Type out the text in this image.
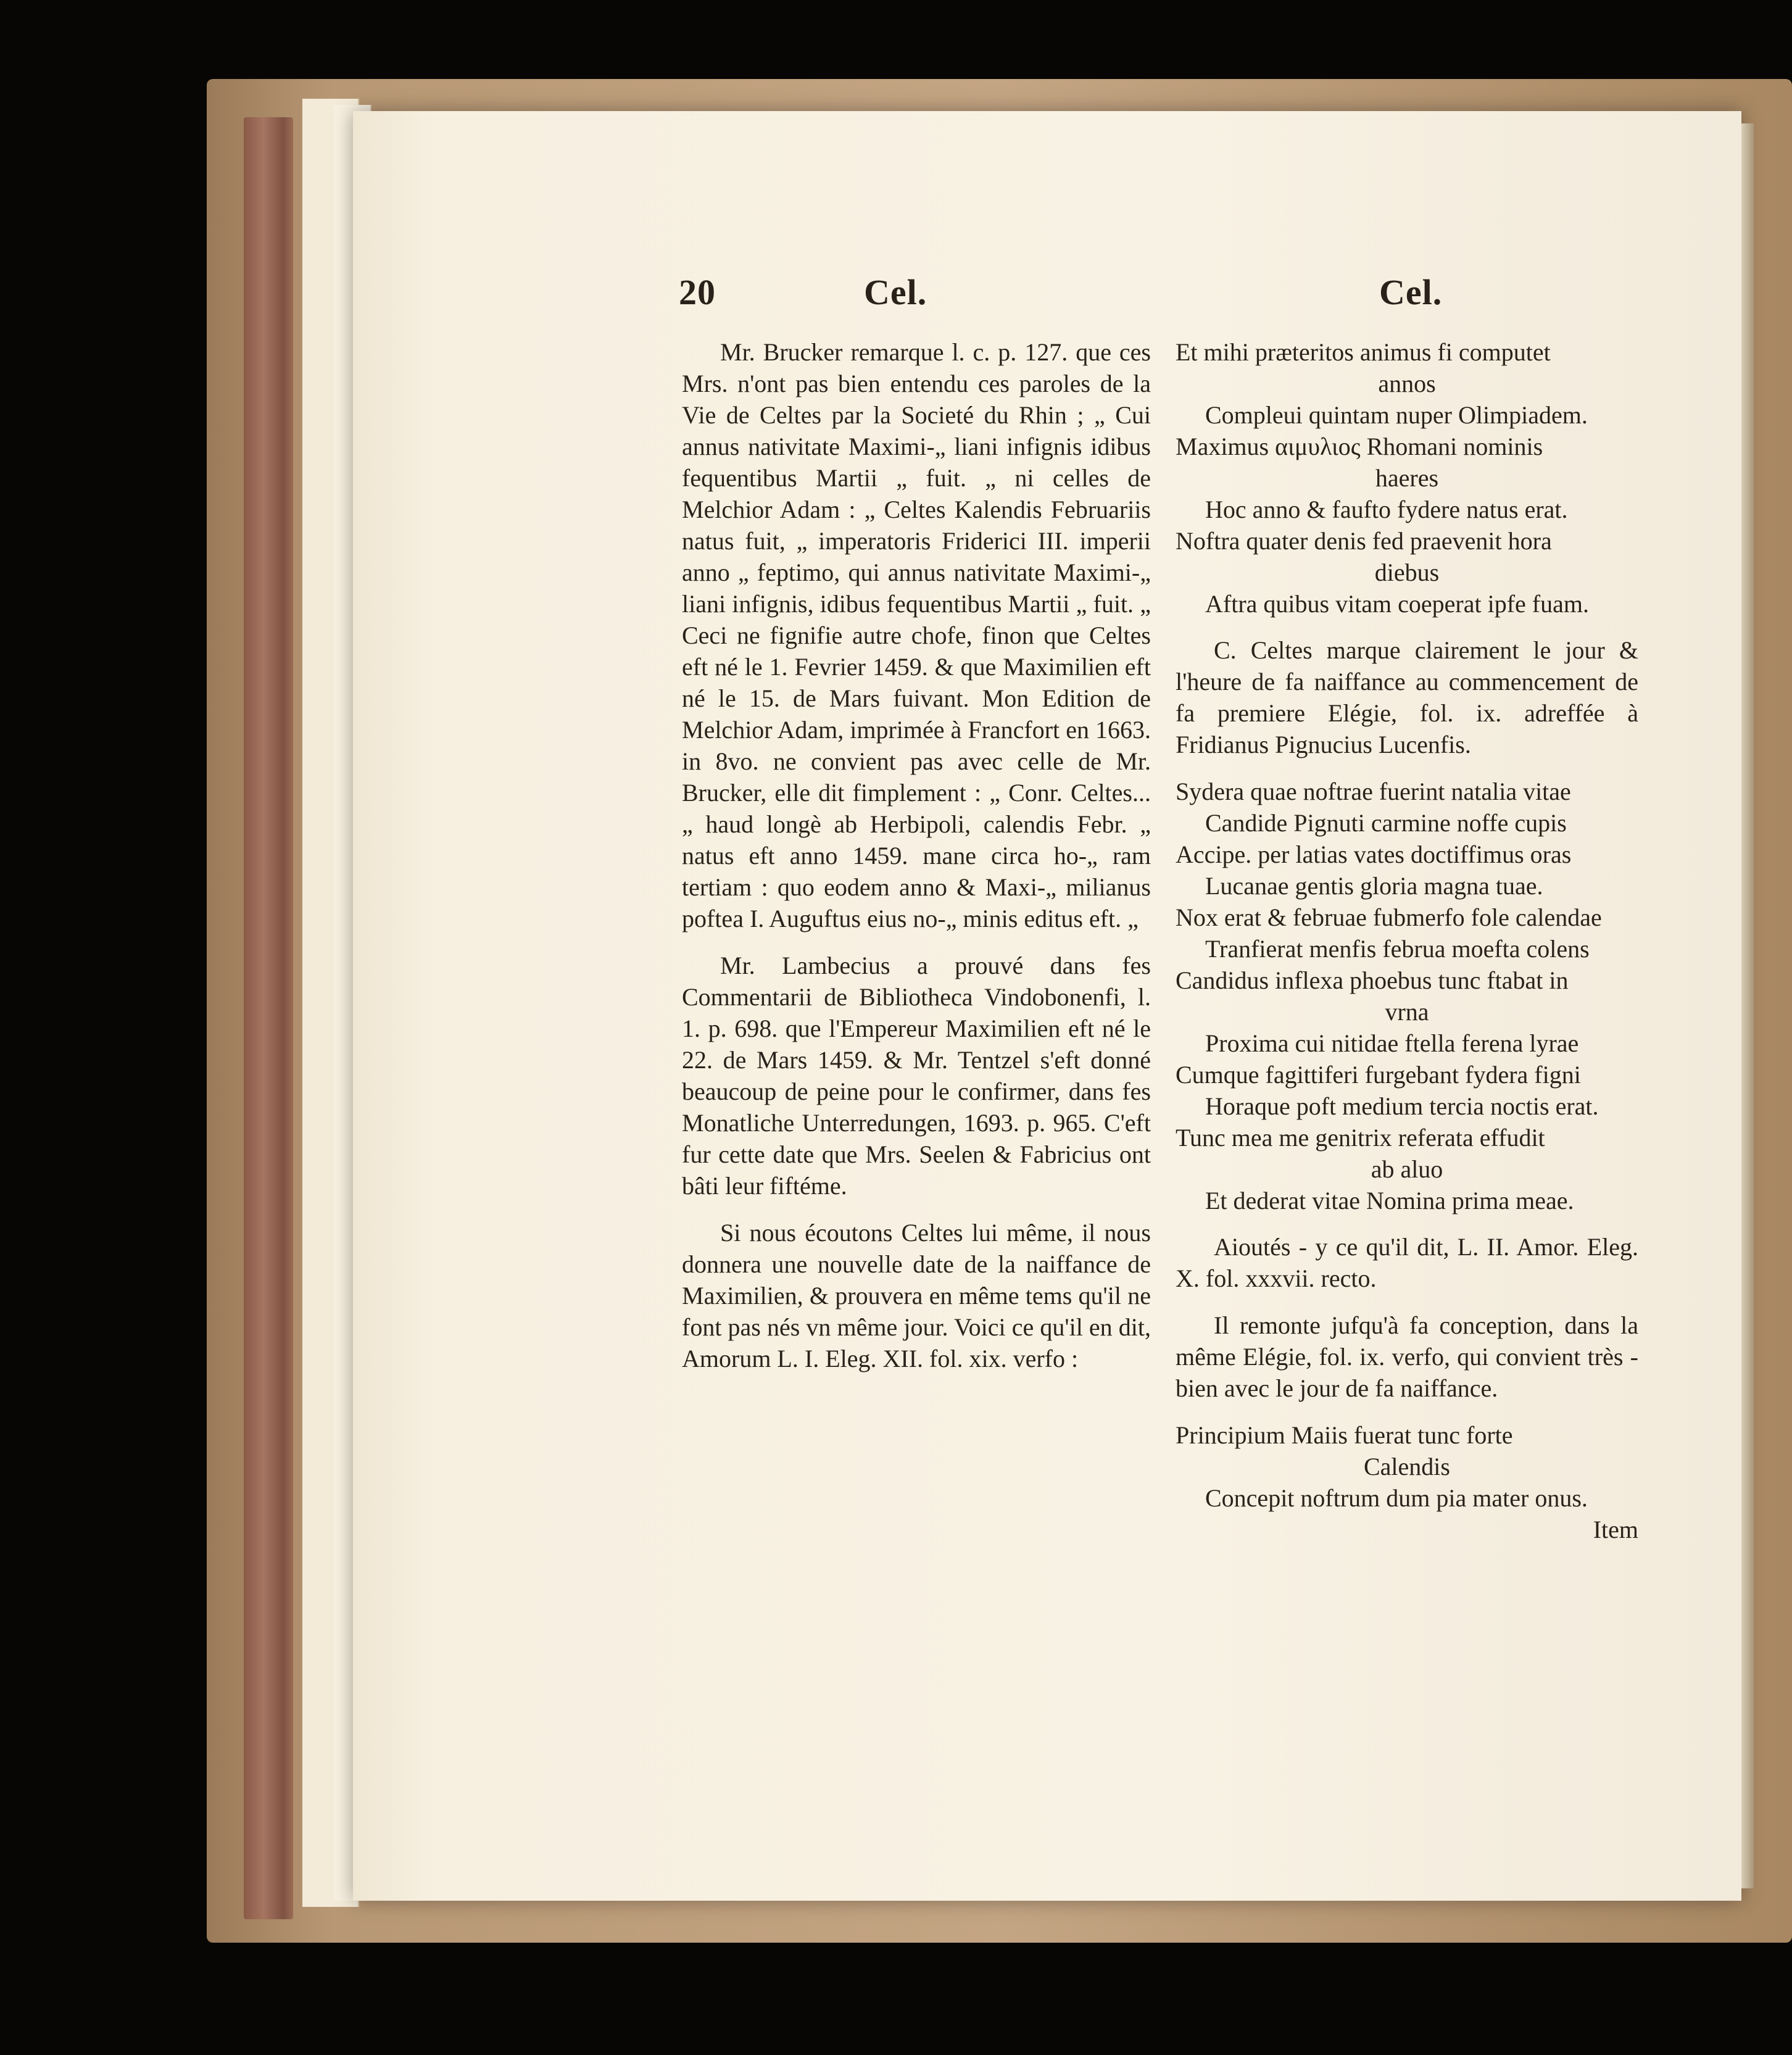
20	Cel.	Cel.

Mr. Brucker remarque l. c. p. 127. que ces Mrs. n'ont pas bien entendu ces paroles de la Vie de Celtes par la Societé du Rhin ; „ Cui annus nativitate Maximi-„ liani infignis idibus fequentibus Martii „ fuit. „ ni celles de Melchior Adam : „ Celtes Kalendis Februariis natus fuit, „ imperatoris Friderici III. imperii anno „ feptimo, qui annus nativitate Maximi-„ liani infignis, idibus fequentibus Martii „ fuit. „ Ceci ne fignifie autre chofe, finon que Celtes eft né le 1. Fevrier 1459. & que Maximilien eft né le 15. de Mars fuivant. Mon Edition de Melchior Adam, imprimée à Francfort en 1663. in 8vo. ne convient pas avec celle de Mr. Brucker, elle dit fimplement : „ Conr. Celtes... „ haud longè ab Herbipoli, calendis Febr. „ natus eft anno 1459. mane circa ho-„ ram tertiam : quo eodem anno & Maxi-„ milianus poftea I. Auguftus eius no-„ minis editus eft. „

Mr. Lambecius a prouvé dans fes Commentarii de Bibliotheca Vindobonenfi, l. 1. p. 698. que l'Empereur Maximilien eft né le 22. de Mars 1459. & Mr. Tentzel s'eft donné beaucoup de peine pour le confirmer, dans fes Monatliche Unterredungen, 1693. p. 965. C'eft fur cette date que Mrs. Seelen & Fabricius ont bâti leur fiftéme.

Si nous écoutons Celtes lui même, il nous donnera une nouvelle date de la naiffance de Maximilien, & prouvera en même tems qu'il ne font pas nés vn même jour. Voici ce qu'il en dit, Amorum L. I. Eleg. XII. fol. xix. verfo :

Et mihi præteritos animus fi computet
annos
Compleui quintam nuper Olimpiadem.
Maximus αιμυλιος Rhomani nominis
haeres
Hoc anno & faufto fydere natus erat.
Noftra quater denis fed praevenit hora
diebus
Aftra quibus vitam coeperat ipfe fuam.

C. Celtes marque clairement le jour & l'heure de fa naiffance au commencement de fa premiere Elégie, fol. ix. adreffée à Fridianus Pignucius Lucenfis.

Sydera quae noftrae fuerint natalia vitae
Candide Pignuti carmine noffe cupis
Accipe. per latias vates doctiffimus oras
Lucanae gentis gloria magna tuae.
Nox erat & februae fubmerfo fole calendae
Tranfierat menfis februa moefta colens
Candidus inflexa phoebus tunc ftabat in
vrna
Proxima cui nitidae ftella ferena lyrae
Cumque fagittiferi furgebant fydera figni
Horaque poft medium tercia noctis erat.
Tunc mea me genitrix referata effudit
ab aluo
Et dederat vitae Nomina prima meae.

Aioutés - y ce qu'il dit, L. II. Amor. Eleg. X. fol. xxxvii. recto.

Il remonte jufqu'à fa conception, dans la même Elégie, fol. ix. verfo, qui convient très - bien avec le jour de fa naiffance.

Principium Maiis fuerat tunc forte
Calendis
Concepit noftrum dum pia mater onus.
Item
